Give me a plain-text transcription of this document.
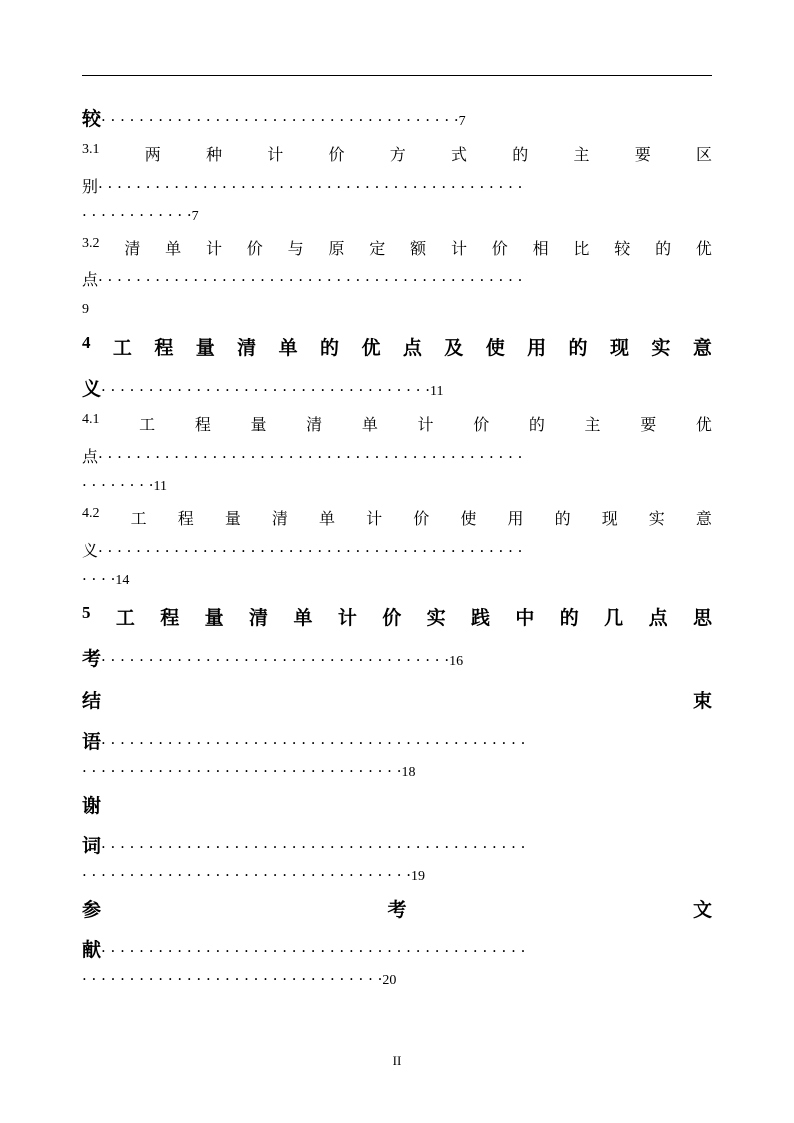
较· · · · · · · · · · · · · · · · · · · · · · · · · · · · · · · · · · · · · ·7
3.1	两	种	计	价	方	式	的	主	要	区
别· · · · · · · · · · · · · · · · · · · · · · · · · · · · · · · · · · · · · · · · · · · · ·
· · · · · · · · · · · ·7
3.2 清 单 计 价 与 原 定 额 计 价 相 比 较 的 优
点· · · · · · · · · · · · · · · · · · · · · · · · · · · · · · · · · · · · · · · · · · · · ·
9
4 工 程 量 清 单 的 优 点 及 使 用 的 现 实 意
义· · · · · · · · · · · · · · · · · · · · · · · · · · · · · · · · · · ·11
4.1 工 程 量 清 单 计 价 的 主 要 优
点· · · · · · · · · · · · · · · · · · · · · · · · · · · · · · · · · · · · · · · · · · · · ·
· · · · · · · ·11
4.2 工 程 量 清 单 计 价 使 用 的 现 实 意
义· · · · · · · · · · · · · · · · · · · · · · · · · · · · · · · · · · · · · · · · · · · · ·
· · · ·14
5 工 程 量 清 单 计 价 实 践 中 的 几 点 思
考· · · · · · · · · · · · · · · · · · · · · · · · · · · · · · · · · · · · ·16
结	束
语· · · · · · · · · · · · · · · · · · · · · · · · · · · · · · · · · · · · · · · · · · · · ·
· · · · · · · · · · · · · · · · · · · · · · · · · · · · · · · · · ·18
谢
词· · · · · · · · · · · · · · · · · · · · · · · · · · · · · · · · · · · · · · · · · · · · ·
· · · · · · · · · · · · · · · · · · · · · · · · · · · · · · · · · · ·19
参	考	文
献· · · · · · · · · · · · · · · · · · · · · · · · · · · · · · · · · · · · · · · · · · · · ·
· · · · · · · · · · · · · · · · · · · · · · · · · · · · · · · ·20
II
